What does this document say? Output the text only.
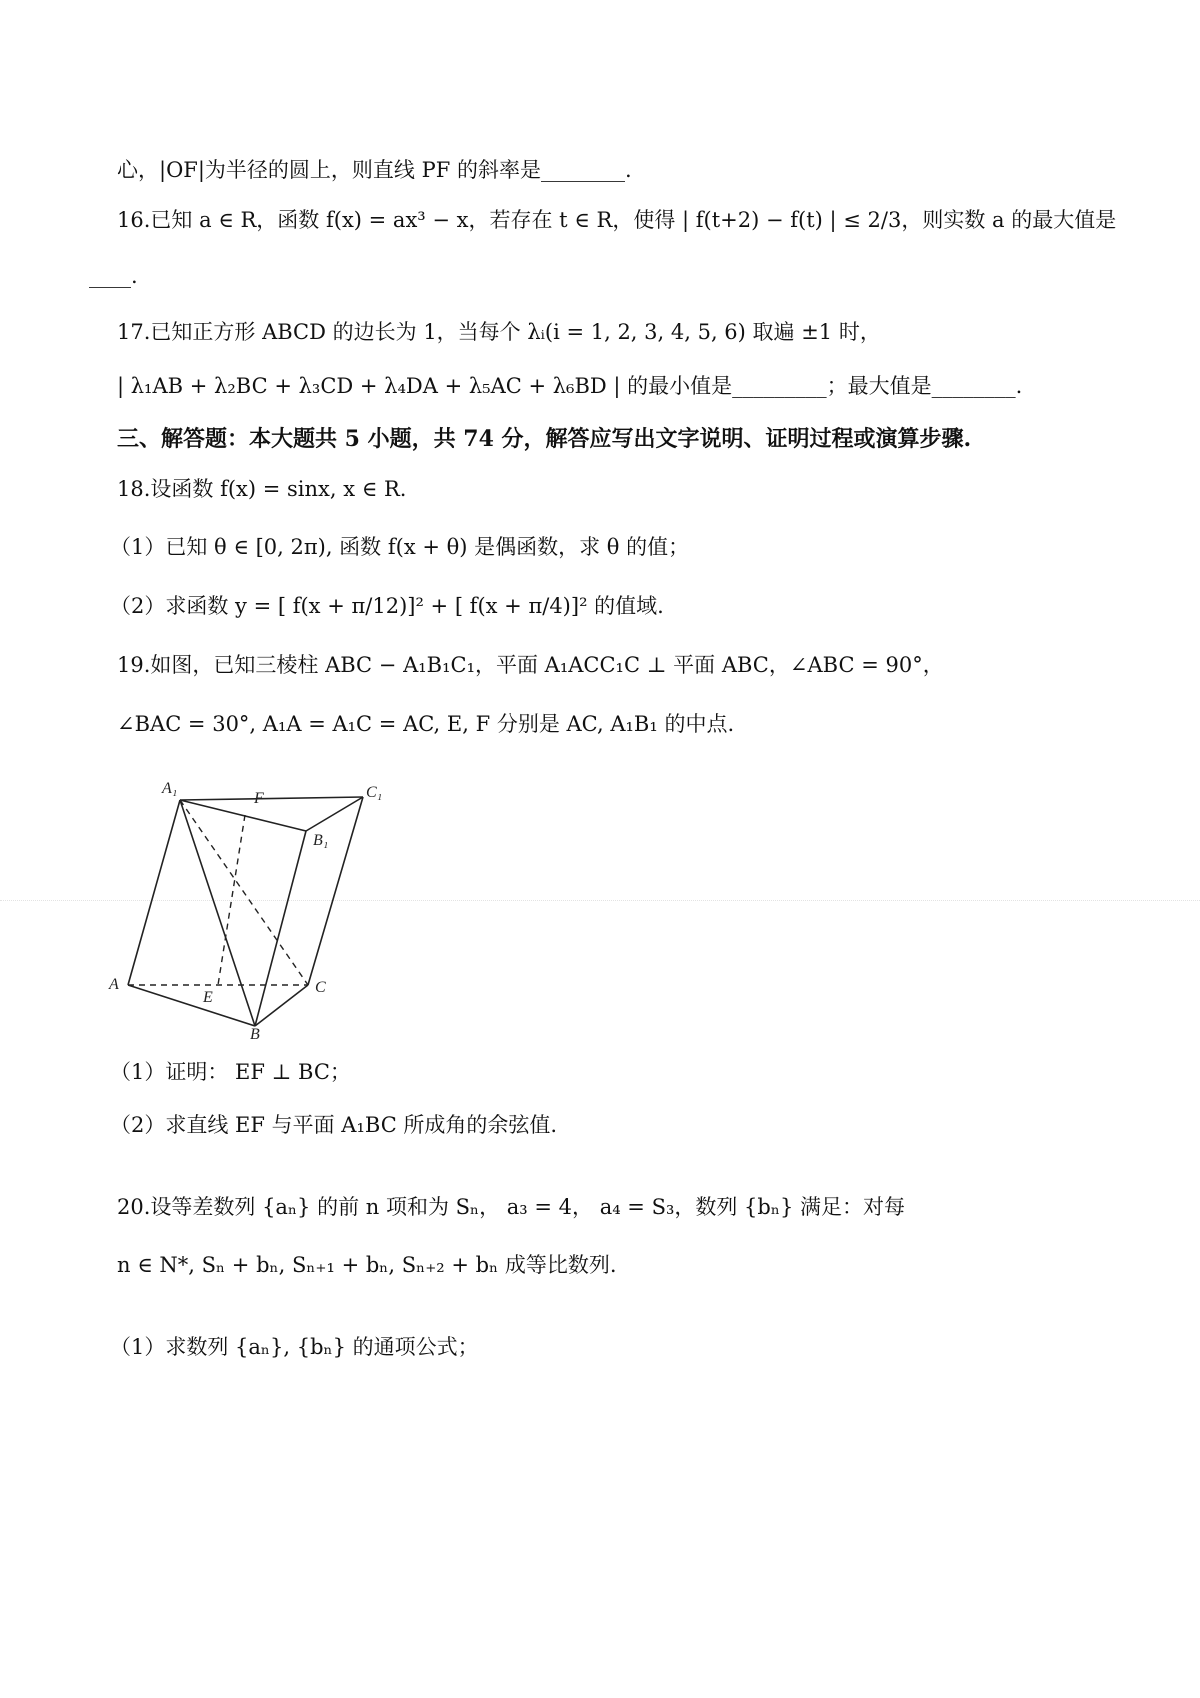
心，|OF|为半径的圆上，则直线 PF 的斜率是________.
16.已知 a ∈ R，函数 f(x) = ax³ − x，若存在 t ∈ R，使得 | f(t+2) − f(t) | ≤ 2/3，则实数 a 的最大值是
____.
17.已知正方形 ABCD 的边长为 1，当每个 λᵢ(i = 1, 2, 3, 4, 5, 6) 取遍 ±1 时，
| λ₁AB + λ₂BC + λ₃CD + λ₄DA + λ₅AC + λ₆BD | 的最小值是_________；最大值是________.
三、解答题：本大题共 5 小题，共 74 分，解答应写出文字说明、证明过程或演算步骤.
18.设函数 f(x) = sinx, x ∈ R.
（1）已知 θ ∈ [0, 2π), 函数 f(x + θ) 是偶函数，求 θ 的值；
（2）求函数 y = [ f(x + π/12)]² + [ f(x + π/4)]² 的值域.
19.如图，已知三棱柱 ABC − A₁B₁C₁，平面 A₁ACC₁C ⊥ 平面 ABC，∠ABC = 90°，
∠BAC = 30°, A₁A = A₁C = AC, E, F 分别是 AC, A₁B₁ 的中点.
A₁	C₁
F
B₁
A
E
C
B
（1）证明： EF ⊥ BC；
（2）求直线 EF 与平面 A₁BC 所成角的余弦值.
20.设等差数列 {aₙ} 的前 n 项和为 Sₙ， a₃ = 4， a₄ = S₃，数列 {bₙ} 满足：对每
n ∈ N*, Sₙ + bₙ, Sₙ₊₁ + bₙ, Sₙ₊₂ + bₙ 成等比数列.
（1）求数列 {aₙ}, {bₙ} 的通项公式；
